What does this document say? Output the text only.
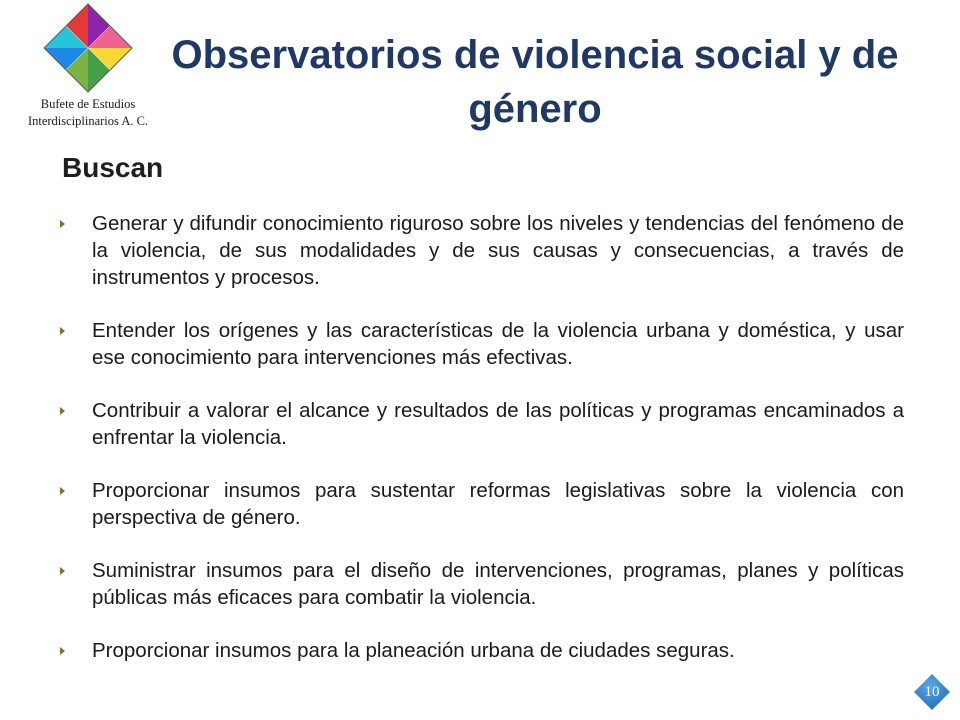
Bufete de Estudios
Interdisciplinarios A. C.
Observatorios de violencia social y de género
Buscan
Generar y difundir conocimiento riguroso sobre los niveles y tendencias del fenómeno de la violencia, de sus modalidades y de sus causas y consecuencias, a través de instrumentos y procesos.
Entender los orígenes y las características de la violencia urbana y doméstica, y usar ese conocimiento para intervenciones más efectivas.
Contribuir a valorar el alcance y resultados de las políticas y programas encaminados a enfrentar la violencia.
Proporcionar insumos para sustentar reformas legislativas sobre la violencia con perspectiva de género.
Suministrar insumos para el diseño de intervenciones, programas, planes y políticas públicas más eficaces para combatir la violencia.
Proporcionar insumos para la planeación urbana de ciudades seguras.
10
